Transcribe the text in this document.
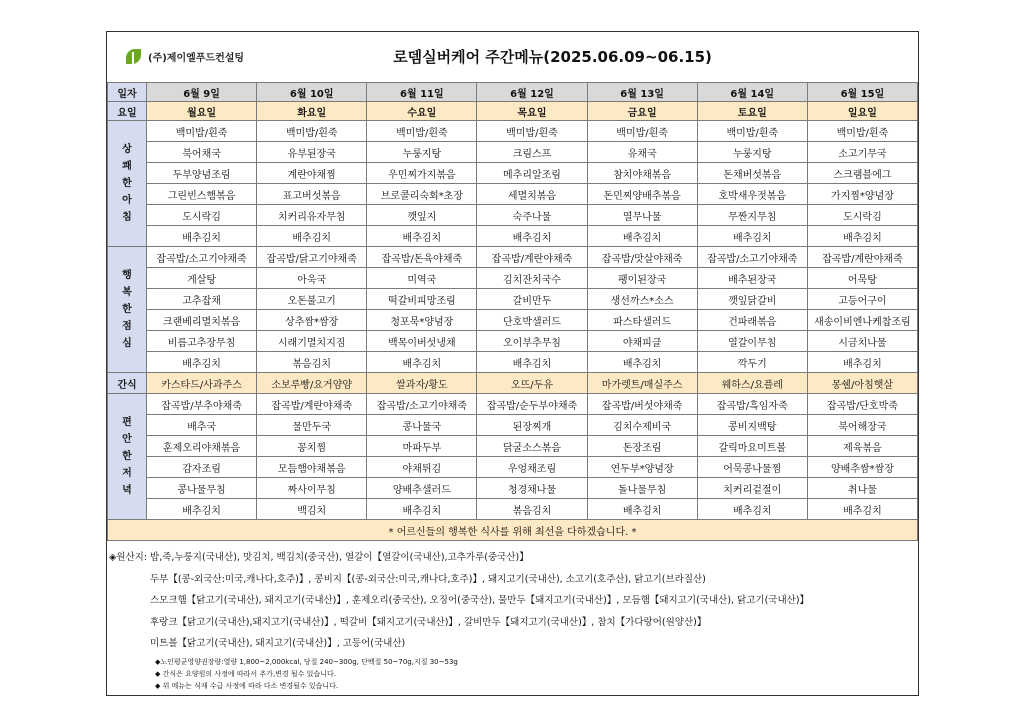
(주)제이엘푸드컨설팅	로뎀실버케어 주간메뉴(2025.06.09~06.15)
일자	6월 9일	6월 10일	6월 11일	6월 12일	6월 13일	6월 14일	6월 15일
요일	월요일	화요일	수요일	목요일	금요일	토요일	일요일
상
쾌
한
아
침	백미밥/흰죽	백미밥/흰죽	백미밥/흰죽	백미밥/흰죽	백미밥/흰죽	백미밥/흰죽	백미밥/흰죽
	북어채국	유부된장국	누룽지탕	크림스프	유채국	누룽지탕	소고기무국
	두부양념조림	계란야채찜	우민찌가지볶음	메추리알조림	참치야채볶음	돈채버섯볶음	스크램블에그
	그린빈스햄볶음	표고버섯볶음	브로콜리숙회*초장	세멸치볶음	돈민찌양배추볶음	호박새우젓볶음	가지찜*양념장
	도시락김	치커리유자무침	깻잎지	숙주나물	열무나물	무짠지무침	도시락김
	배추김치	배추김치	배추김치	배추김치	배추김치	배추김치	배추김치
행
복
한
점
심	잡곡밥/소고기야채죽	잡곡밥/닭고기야채죽	잡곡밥/돈육야채죽	잡곡밥/계란야채죽	잡곡밥/맛살야채죽	잡곡밥/소고기야채죽	잡곡밥/계란야채죽
	게살탕	아욱국	미역국	김치잔치국수	팽이된장국	배추된장국	어묵탕
	고추잡채	오돈불고기	떡갈비피망조림	갈비만두	생선까스*소스	깻잎닭갈비	고등어구이
	크랜베리멸치볶음	상추쌈*쌈장	청포묵*양념장	단호박샐러드	파스타샐러드	건파래볶음	새송이비엔나케찹조림
	비름고추장무침	시래기멸치지짐	백목이버섯냉채	오이부추무침	야채피클	열갈이무침	시금치나물
	배추김치	볶음김치	배추김치	배추김치	배추김치	깍두기	배추김치
간식	카스타드/사과주스	소보루빵/요거얌얌	쌀과자/황도	오뜨/두유	마가렛트/매실주스	웨하스/요플레	몽쉘/아침햇살
편
안
한
저
녁	잡곡밥/부추야채죽	잡곡밥/계란야채죽	잡곡밥/소고기야채죽	잡곡밥/순두부야채죽	잡곡밥/버섯야채죽	잡곡밥/흑임자죽	잡곡밥/단호박죽
	배추국	물만두국	콩나물국	된장찌개	김치수제비국	콩비지백탕	북어해장국
	훈제오리야채볶음	꽁치찜	마파두부	닭굴소스볶음	돈장조림	갈릭마요미트볼	제육볶음
	감자조림	모듬햄야채볶음	야채튀김	우엉채조림	연두부*양념장	어묵콩나물찜	양배추쌈*쌈장
	콩나물무침	짜사이무침	양배추샐러드	청경채나물	돌나물무침	치커리겉절이	취나물
	배추김치	백김치	배추김치	볶음김치	배추김치	배추김치	배추김치
* 어르신들의 행복한 식사를 위해 최선을 다하겠습니다. *							
◈원산지: 밥,죽,누룽지(국내산), 맛김치, 백김치(중국산), 열갈이【열갈이(국내산),고추가루(중국산)】
두부【(콩-외국산:미국,캐나다,호주)】, 콩비지【(콩-외국산:미국,캐나다,호주)】, 돼지고기(국내산), 소고기(호주산), 닭고기(브라질산)
스모크햄【닭고기(국내산), 돼지고기(국내산)】, 훈제오리(중국산), 오징어(중국산), 물만두【돼지고기(국내산)】, 모듬햄【돼지고기(국내산), 닭고기(국내산)】
후랑크【닭고기(국내산),돼지고기(국내산)】, 떡갈비【돼지고기(국내산)】, 갈비만두【돼지고기(국내산)】, 참치【가다랑어(원양산)】
미트볼【닭고기(국내산), 돼지고기(국내산)】, 고등어(국내산)
◆노인평균영양권장량:열량 1,800~2,000kcal, 당질 240~300g, 단백질 50~70g,지질 30~53g
◆ 간식은 요양원의 사정에 따라서 추가,변경 될수 있습니다.
◆ 위 메뉴는 식재 수급 사정에 따라 다소 변경될수 있습니다.
